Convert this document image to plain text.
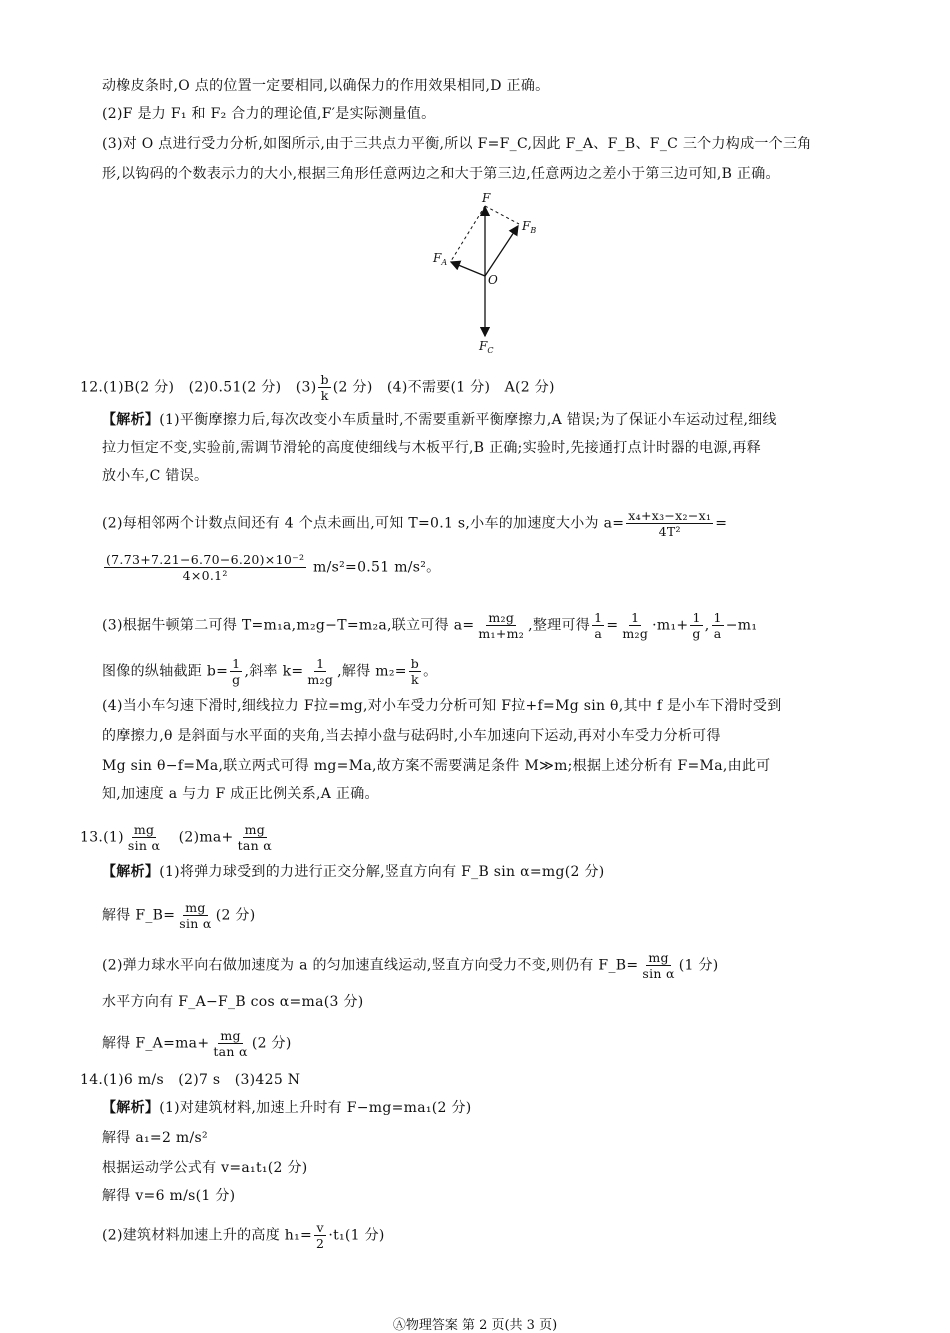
动橡皮条时,O 点的位置一定要相同,以确保力的作用效果相同,D 正确。
(2)F 是力 F₁ 和 F₂ 合力的理论值,F′是实际测量值。
(3)对 O 点进行受力分析,如图所示,由于三共点力平衡,所以 F=F_C,因此 F_A、F_B、F_C 三个力构成一个三角
形,以钩码的个数表示力的大小,根据三角形任意两边之和大于第三边,任意两边之差小于第三边可知,B 正确。
F
$F_B$
$F_A$
O
$F_C$
12.(1)B(2 分)　(2)0.51(2 分)　$(3) \frac{b}{k} (2$ 分)　(4)不需要(1 分)　A(2 分)
【解析】(1)平衡摩擦力后,每次改变小车质量时,不需要重新平衡摩擦力,A 错误;为了保证小车运动过程,细线
拉力恒定不变,实验前,需调节滑轮的高度使细线与木板平行,B 正确;实验时,先接通打点计时器的电源,再释
放小车,C 错误。
(2)每相邻两个计数点间还有 4 个点未画出,可知 T=0.1 s,小车的加速度大小为 $a= \frac{\text{x₄+x₃−x₂−x₁}}{\text{4T²}}$ =
$\frac{\text{(7.73+7.21−6.70−6.20)×10⁻²}}{\text{4×0.1²}} m/s^2=0.51$ m/s²。
(3)根据牛顿第二可得 T=m₁a,m₂g−T=m₂a,联立可得 $a= \frac{\text{m₂g}}{\text{m₁+m₂}}$ ,整理可得 $\frac{1}{a} = \frac{1}{\text{m₂g}} \cdot m_1+ \frac{1}{g}$ , $\frac{1}{a} -m_1$
图像的纵轴截距 $b= \frac{1}{g}$ ,斜率 $k= \frac{1}{\text{m₂g}}$ ,解得 $m_2= \frac{b}{k}$ 。
(4)当小车匀速下滑时,细线拉力 F拉=mg,对小车受力分析可知 F拉+f=Mg sin θ,其中 f 是小车下滑时受到
的摩擦力,θ 是斜面与水平面的夹角,当去掉小盘与砝码时,小车加速向下运动,再对小车受力分析可得
Mg sin θ−f=Ma,联立两式可得 mg=Ma,故方案不需要满足条件 M≫m;根据上述分析有 F=Ma,由此可
知,加速度 a 与力 F 成正比例关系,A 正确。
$13.(1) \frac{mg}{\text{sin α}}$ 　$(2)ma+ \frac{mg}{\text{tan α}}$
【解析】(1)将弹力球受到的力进行正交分解,竖直方向有 F_B sin α=mg(2 分)
解得 F_B= $\frac{mg}{\text{sin α}} (2$ 分)
(2)弹力球水平向右做加速度为 a 的匀加速直线运动,竖直方向受力不变,则仍有 F_B= $\frac{mg}{\text{sin α}} (1$ 分)
水平方向有 F_A−F_B cos α=ma(3 分)
解得 F_A=ma+ $\frac{mg}{\text{tan α}} (2$ 分)
14.(1)6 m/s　(2)7 s　(3)425 N
【解析】(1)对建筑材料,加速上升时有 F−mg=ma₁(2 分)
解得 a₁=2 m/s²
根据运动学公式有 v=a₁t₁(2 分)
解得 v=6 m/s(1 分)
(2)建筑材料加速上升的高度 $h_1= \frac{v}{2} \cdot t_1(1$ 分)
Ⓐ物理答案 第 2 页(共 3 页)
